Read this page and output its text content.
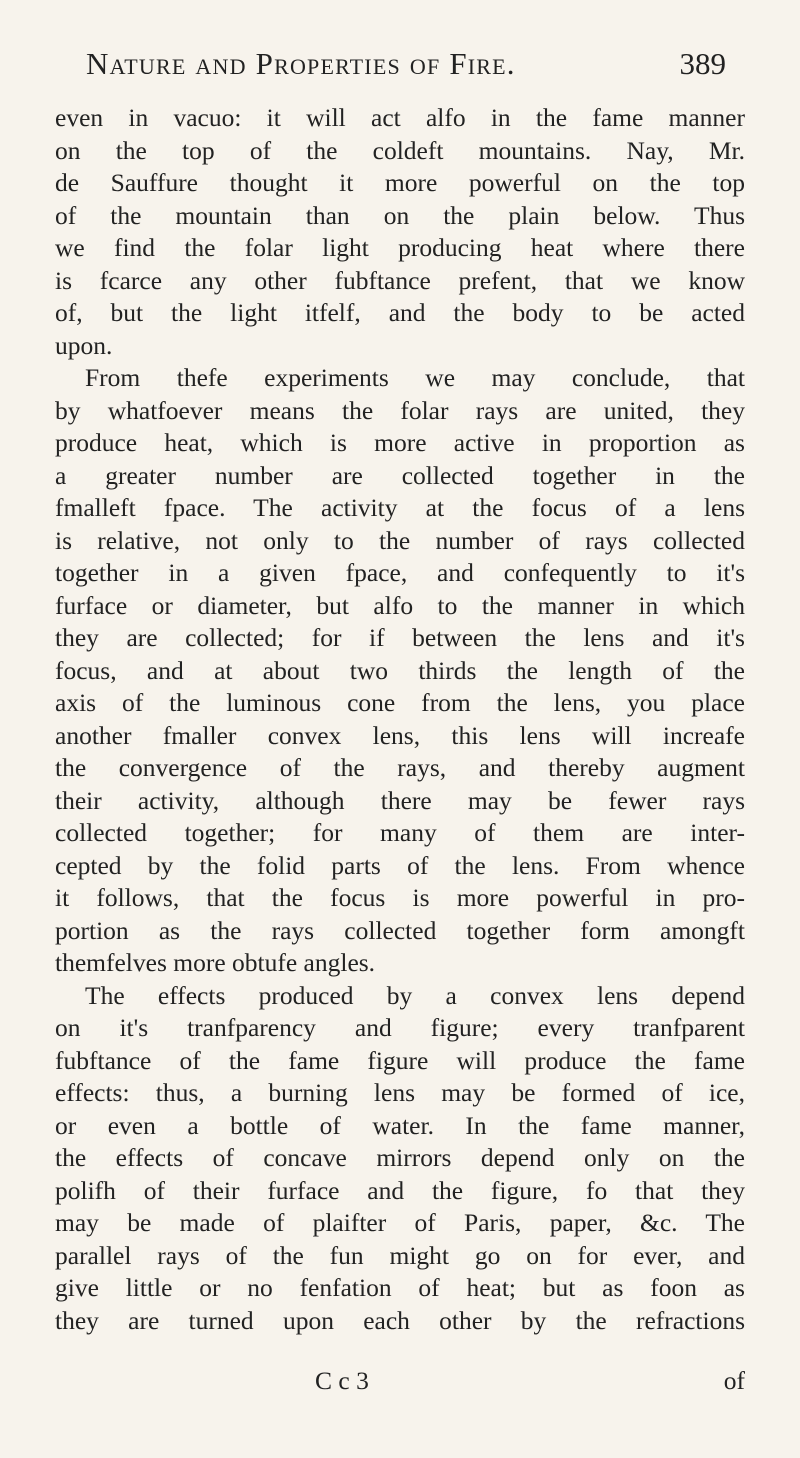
Nature and Properties of Fire.	389
even in vacuo: it will act alfo in the fame manner
on the top of the coldeft mountains. Nay, Mr.
de Sauffure thought it more powerful on the top
of the mountain than on the plain below. Thus
we find the folar light producing heat where there
is fcarce any other fubftance prefent, that we know
of, but the light itfelf, and the body to be acted
upon.
From thefe experiments we may conclude, that
by whatfoever means the folar rays are united, they
produce heat, which is more active in proportion as
a greater number are collected together in the
fmalleft fpace. The activity at the focus of a lens
is relative, not only to the number of rays collected
together in a given fpace, and confequently to it's
furface or diameter, but alfo to the manner in which
they are collected; for if between the lens and it's
focus, and at about two thirds the length of the
axis of the luminous cone from the lens, you place
another fmaller convex lens, this lens will increafe
the convergence of the rays, and thereby augment
their activity, although there may be fewer rays
collected together; for many of them are inter-
cepted by the folid parts of the lens. From whence
it follows, that the focus is more powerful in pro-
portion as the rays collected together form amongft
themfelves more obtufe angles.
The effects produced by a convex lens depend
on it's tranfparency and figure; every tranfparent
fubftance of the fame figure will produce the fame
effects: thus, a burning lens may be formed of ice,
or even a bottle of water. In the fame manner,
the effects of concave mirrors depend only on the
polifh of their furface and the figure, fo that they
may be made of plaifter of Paris, paper, &c. The
parallel rays of the fun might go on for ever, and
give little or no fenfation of heat; but as foon as
they are turned upon each other by the refractions
C c 3	of
